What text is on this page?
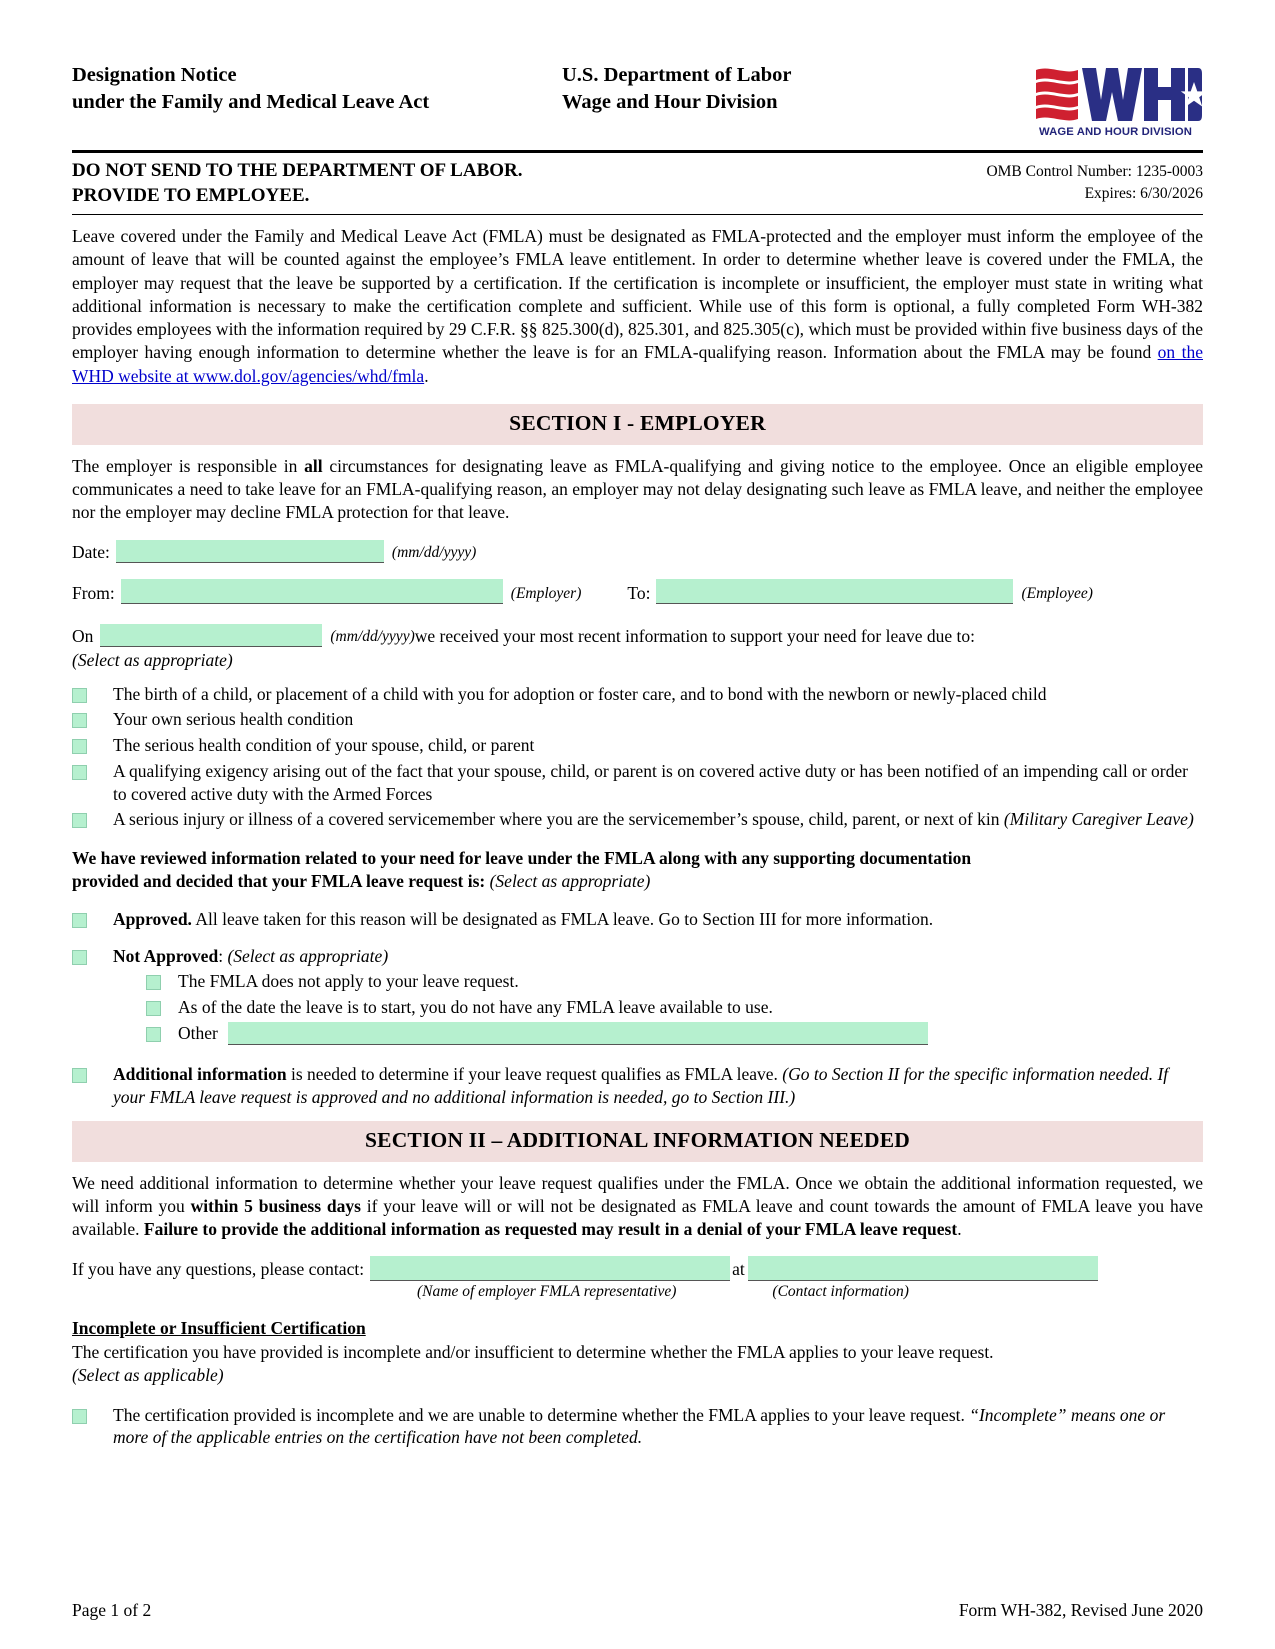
Designation Notice
under the Family and Medical Leave Act
U.S. Department of Labor
Wage and Hour Division
WAGE AND HOUR DIVISION
DO NOT SEND TO THE DEPARTMENT OF LABOR.
PROVIDE TO EMPLOYEE.
OMB Control Number: 1235-0003
Expires: 6/30/2026

Leave covered under the Family and Medical Leave Act (FMLA) must be designated as FMLA-protected and the employer must inform the employee of the amount of leave that will be counted against the employee’s FMLA leave entitlement. In order to determine whether leave is covered under the FMLA, the employer may request that the leave be supported by a certification. If the certification is incomplete or insufficient, the employer must state in writing what additional information is necessary to make the certification complete and sufficient. While use of this form is optional, a fully completed Form WH-382 provides employees with the information required by 29 C.F.R. §§ 825.300(d), 825.301, and 825.305(c), which must be provided within five business days of the employer having enough information to determine whether the leave is for an FMLA-qualifying reason. Information about the FMLA may be found on the WHD website at www.dol.gov/agencies/whd/fmla.

SECTION I - EMPLOYER

The employer is responsible in all circumstances for designating leave as FMLA-qualifying and giving notice to the employee. Once an eligible employee communicates a need to take leave for an FMLA-qualifying reason, an employer may not delay designating such leave as FMLA leave, and neither the employee nor the employer may decline FMLA protection for that leave.

Date:	(mm/dd/yyyy)
From:	(Employer)	To:	(Employee)
On	(mm/dd/yyyy) we received your most recent information to support your need for leave due to:
(Select as appropriate)
The birth of a child, or placement of a child with you for adoption or foster care, and to bond with the newborn or newly-placed child
Your own serious health condition
The serious health condition of your spouse, child, or parent
A qualifying exigency arising out of the fact that your spouse, child, or parent is on covered active duty or has been notified of an impending call or order to covered active duty with the Armed Forces
A serious injury or illness of a covered servicemember where you are the servicemember’s spouse, child, parent, or next of kin (Military Caregiver Leave)

We have reviewed information related to your need for leave under the FMLA along with any supporting documentation
provided and decided that your FMLA leave request is: (Select as appropriate)

Approved. All leave taken for this reason will be designated as FMLA leave. Go to Section III for more information.
Not Approved: (Select as appropriate)
The FMLA does not apply to your leave request.
As of the date the leave is to start, you do not have any FMLA leave available to use.
Other
Additional information is needed to determine if your leave request qualifies as FMLA leave. (Go to Section II for the specific information needed. If your FMLA leave request is approved and no additional information is needed, go to Section III.)
SECTION II – ADDITIONAL INFORMATION NEEDED

We need additional information to determine whether your leave request qualifies under the FMLA. Once we obtain the additional information requested, we will inform you within 5 business days if your leave will or will not be designated as FMLA leave and count towards the amount of FMLA leave you have available. Failure to provide the additional information as requested may result in a denial of your FMLA leave request.

If you have any questions, please contact:	at
(Name of employer FMLA representative)	(Contact information)
Incomplete or Insufficient Certification
The certification you have provided is incomplete and/or insufficient to determine whether the FMLA applies to your leave request.
(Select as applicable)
The certification provided is incomplete and we are unable to determine whether the FMLA applies to your leave request. “Incomplete” means one or more of the applicable entries on the certification have not been completed.
Page 1 of 2	Form WH-382, Revised June 2020
